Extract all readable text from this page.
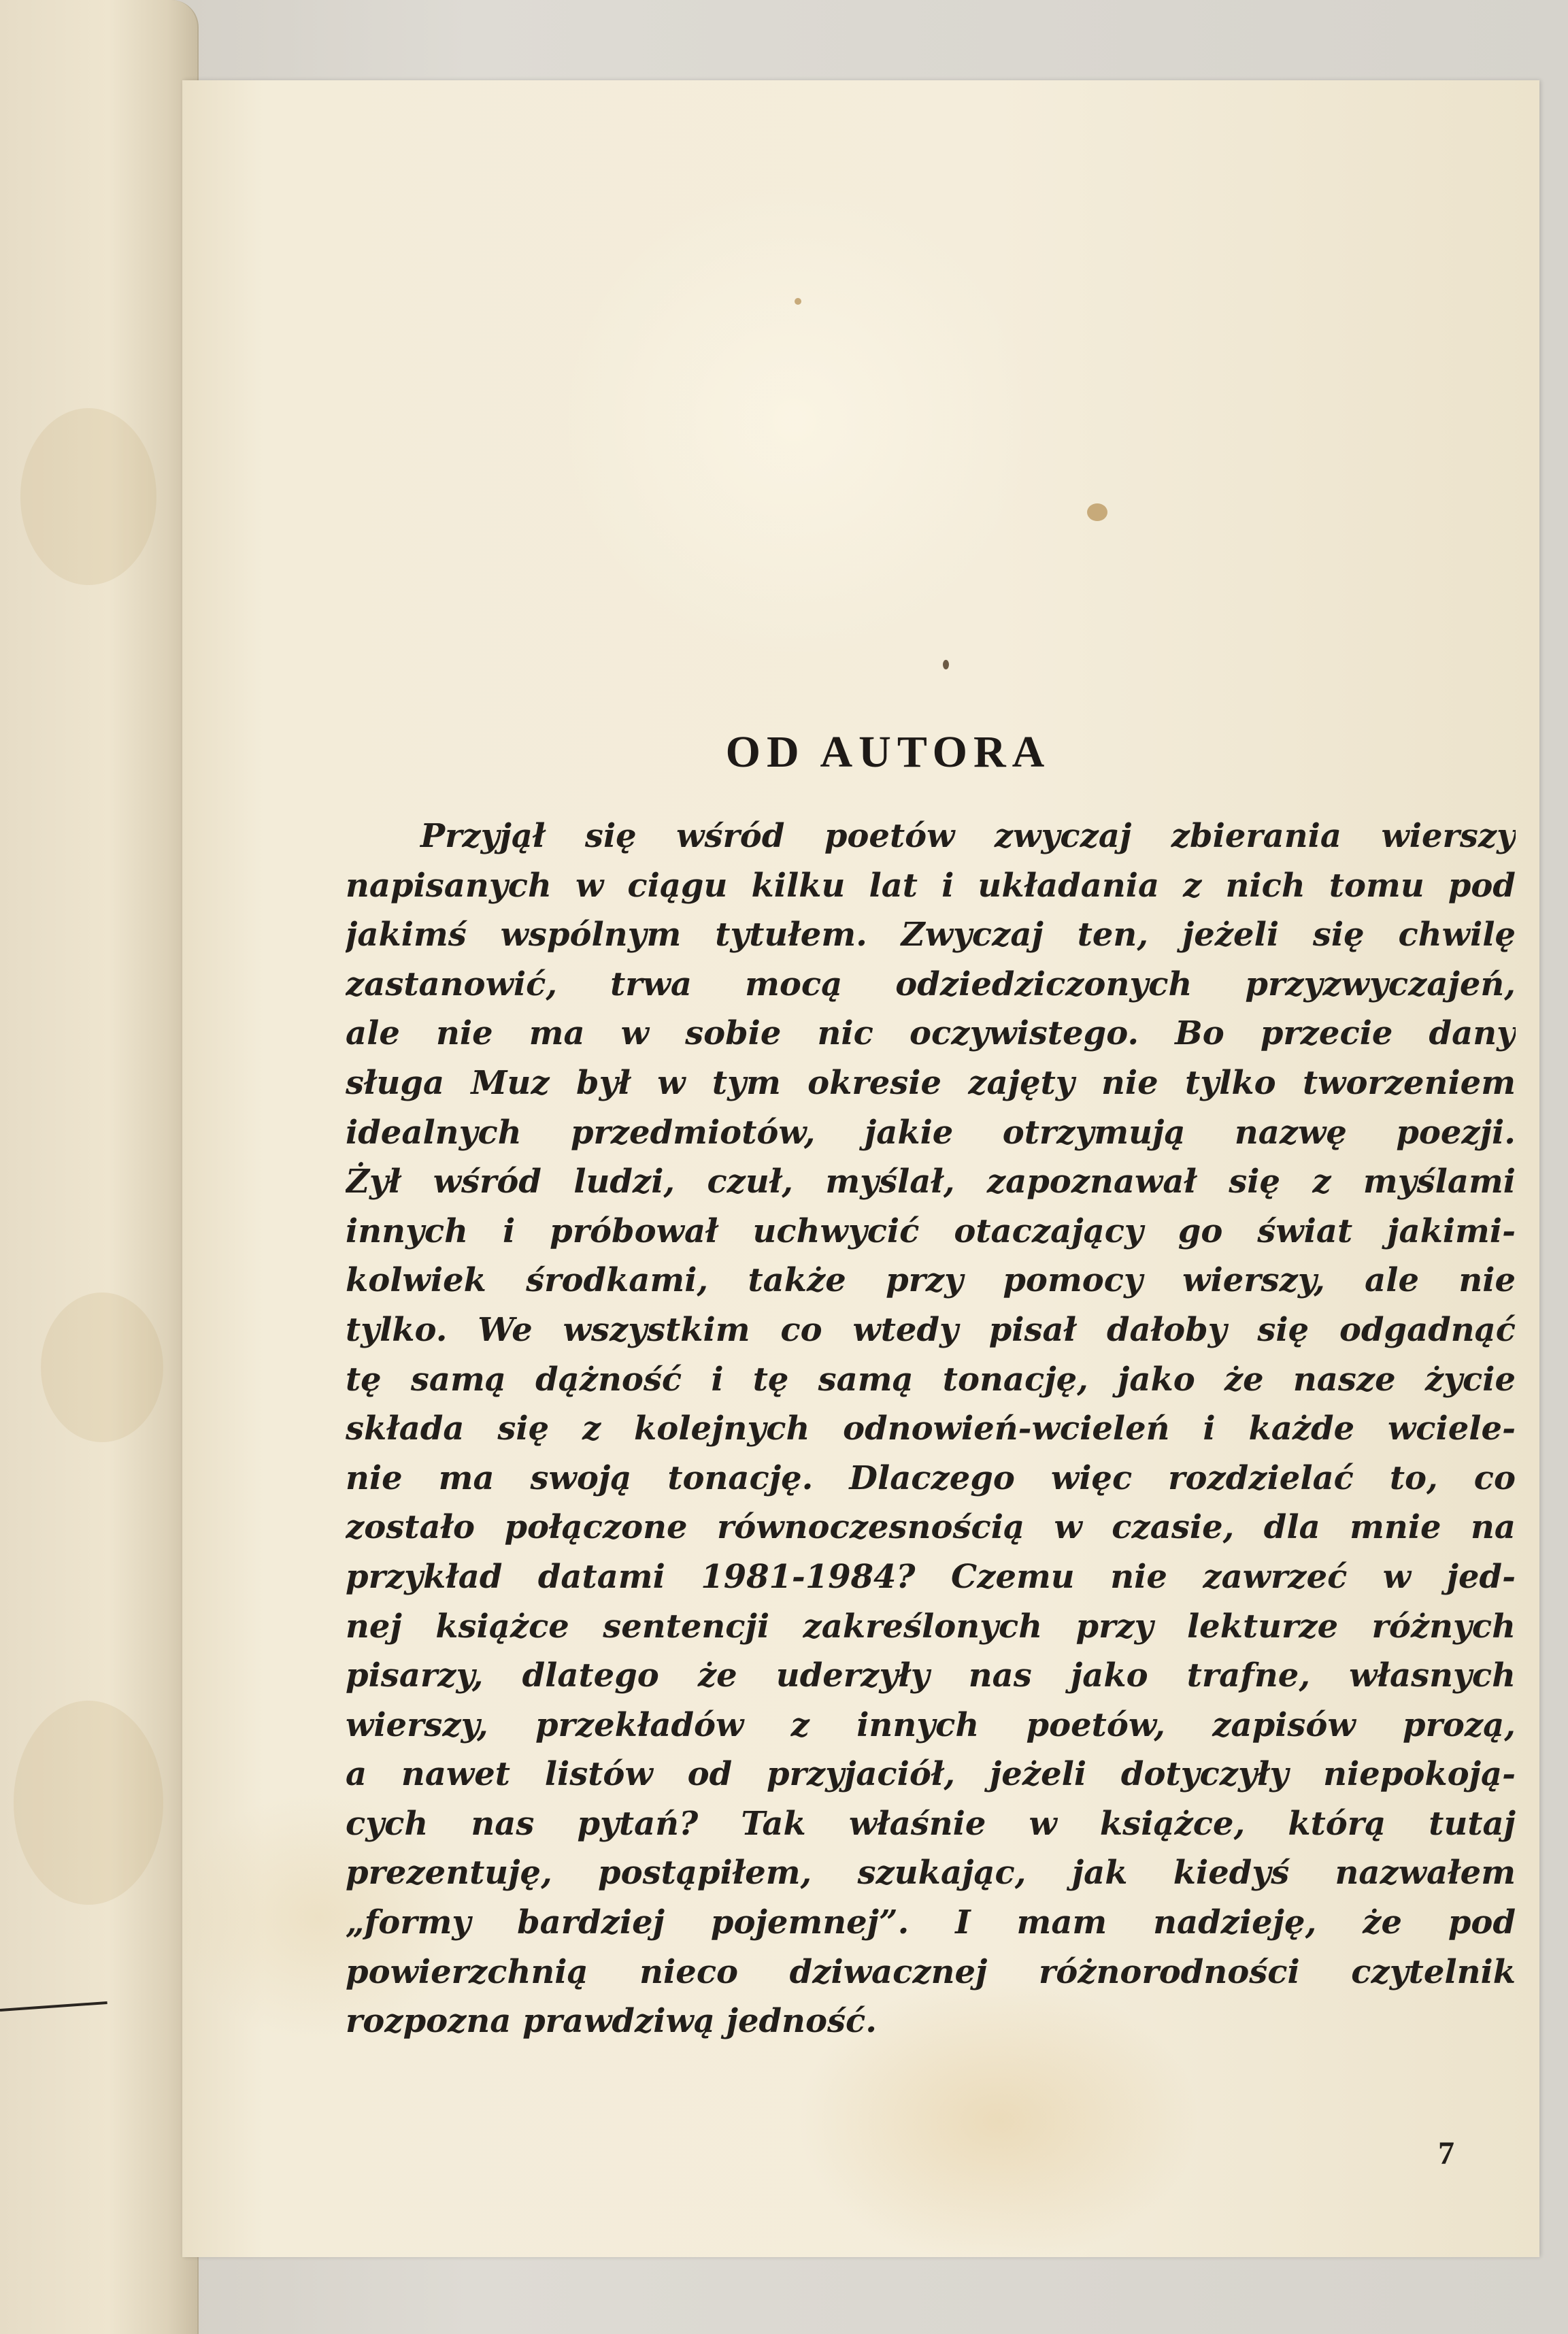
OD AUTORA
Przyjął się wśród poetów zwyczaj zbierania wierszy
napisanych w ciągu kilku lat i układania z nich tomu pod
jakimś wspólnym tytułem. Zwyczaj ten, jeżeli się chwilę
zastanowić, trwa mocą odziedziczonych przyzwyczajeń,
ale nie ma w sobie nic oczywistego. Bo przecie dany
sługa Muz był w tym okresie zajęty nie tylko tworzeniem
idealnych przedmiotów, jakie otrzymują nazwę poezji.
Żył wśród ludzi, czuł, myślał, zapoznawał się z myślami
innych i próbował uchwycić otaczający go świat jakimi-
kolwiek środkami, także przy pomocy wierszy, ale nie
tylko. We wszystkim co wtedy pisał dałoby się odgadnąć
tę samą dążność i tę samą tonację, jako że nasze życie
składa się z kolejnych odnowień-wcieleń i każde wciele-
nie ma swoją tonację. Dlaczego więc rozdzielać to, co
zostało połączone równoczesnością w czasie, dla mnie na
przykład datami 1981-1984? Czemu nie zawrzeć w jed-
nej książce sentencji zakreślonych przy lekturze różnych
pisarzy, dlatego że uderzyły nas jako trafne, własnych
wierszy, przekładów z innych poetów, zapisów prozą,
a nawet listów od przyjaciół, jeżeli dotyczyły niepokoją-
cych nas pytań? Tak właśnie w książce, którą tutaj
prezentuję, postąpiłem, szukając, jak kiedyś nazwałem
„formy bardziej pojemnej”. I mam nadzieję, że pod
powierzchnią nieco dziwacznej różnorodności czytelnik
rozpozna prawdziwą jedność.
7
